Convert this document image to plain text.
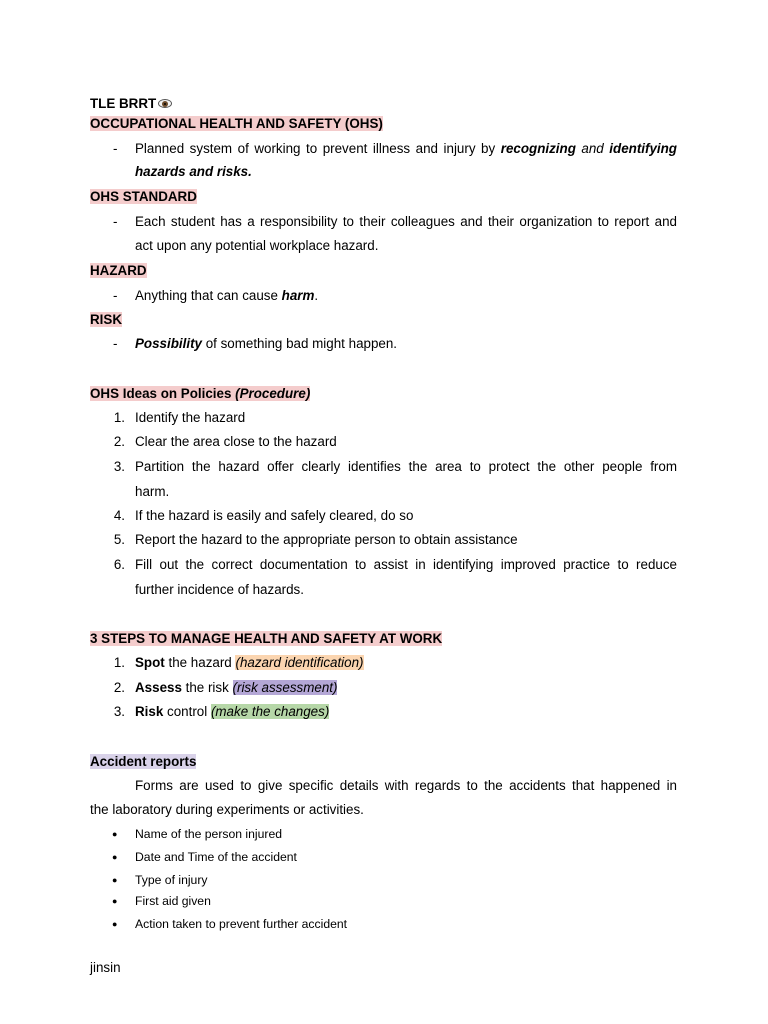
TLE BRRT
OCCUPATIONAL HEALTH AND SAFETY (OHS)
- Planned system of working to prevent illness and injury by recognizing and identifying
hazards and risks.
OHS STANDARD
- Each student has a responsibility to their colleagues and their organization to report and
act upon any potential workplace hazard.
HAZARD
- Anything that can cause harm.
RISK
- Possibility of something bad might happen.
OHS Ideas on Policies (Procedure)
1. Identify the hazard
2. Clear the area close to the hazard
3. Partition the hazard offer clearly identifies the area to protect the other people from
harm.
4. If the hazard is easily and safely cleared, do so
5. Report the hazard to the appropriate person to obtain assistance
6. Fill out the correct documentation to assist in identifying improved practice to reduce
further incidence of hazards.
3 STEPS TO MANAGE HEALTH AND SAFETY AT WORK
1. Spot the hazard (hazard identification)
2. Assess the risk (risk assessment)
3. Risk control (make the changes)
Accident reports
Forms are used to give specific details with regards to the accidents that happened in
the laboratory during experiments or activities.
● Name of the person injured
● Date and Time of the accident
● Type of injury
● First aid given
● Action taken to prevent further accident
jinsin
